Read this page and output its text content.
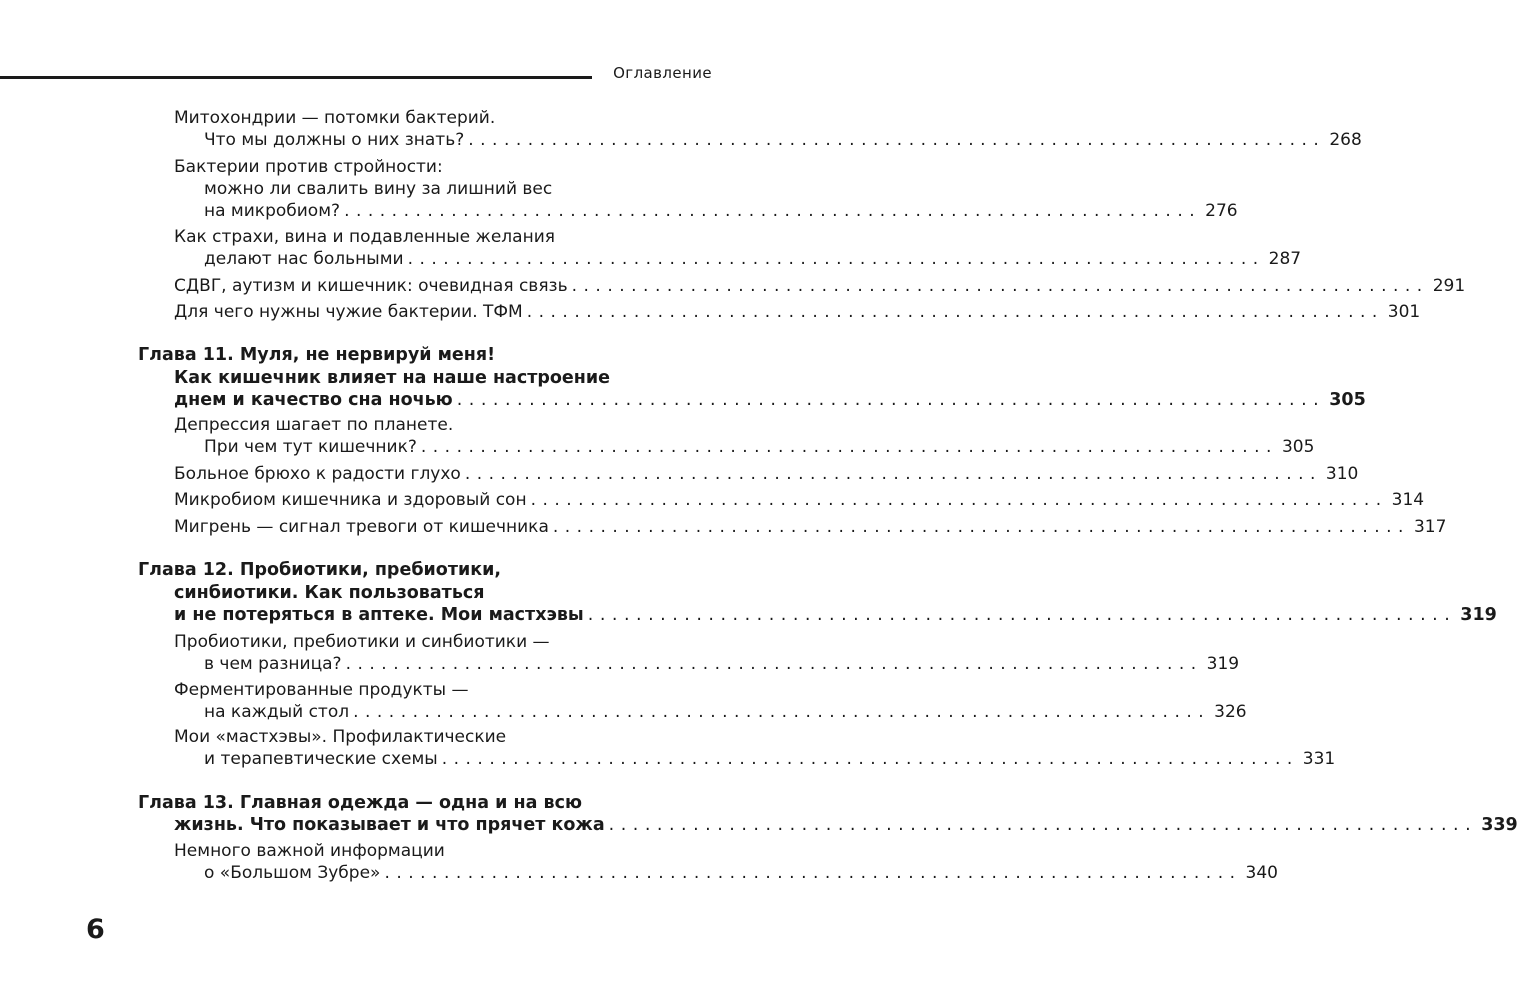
Оглавление
Митохондрии — потомки бактерий.
Что мы должны о них знать? ........................................................................ 268
Бактерии против стройности:
можно ли свалить вину за лишний вес
на микробиом? ........................................................................ 276
Как страхи, вина и подавленные желания
делают нас больными ........................................................................ 287
СДВГ, аутизм и кишечник: очевидная связь ........................................................................ 291
Для чего нужны чужие бактерии. ТФМ ........................................................................ 301
Глава 11. Муля, не нервируй меня!
Как кишечник влияет на наше настроение
днем и качество сна ночью ........................................................................ 305
Депрессия шагает по планете.
При чем тут кишечник? ........................................................................ 305
Больное брюхо к радости глухо ........................................................................ 310
Микробиом кишечника и здоровый сон ........................................................................ 314
Мигрень — сигнал тревоги от кишечника ........................................................................ 317
Глава 12. Пробиотики, пребиотики,
синбиотики. Как пользоваться
и не потеряться в аптеке. Мои мастхэвы ........................................................................ 319
Пробиотики, пребиотики и синбиотики —
в чем разница? ........................................................................ 319
Ферментированные продукты —
на каждый стол ........................................................................ 326
Мои «мастхэвы». Профилактические
и терапевтические схемы ........................................................................ 331
Глава 13. Главная одежда — одна и на всю
жизнь. Что показывает и что прячет кожа ........................................................................ 339
Немного важной информации
о «Большом Зубре» ........................................................................ 340
6
